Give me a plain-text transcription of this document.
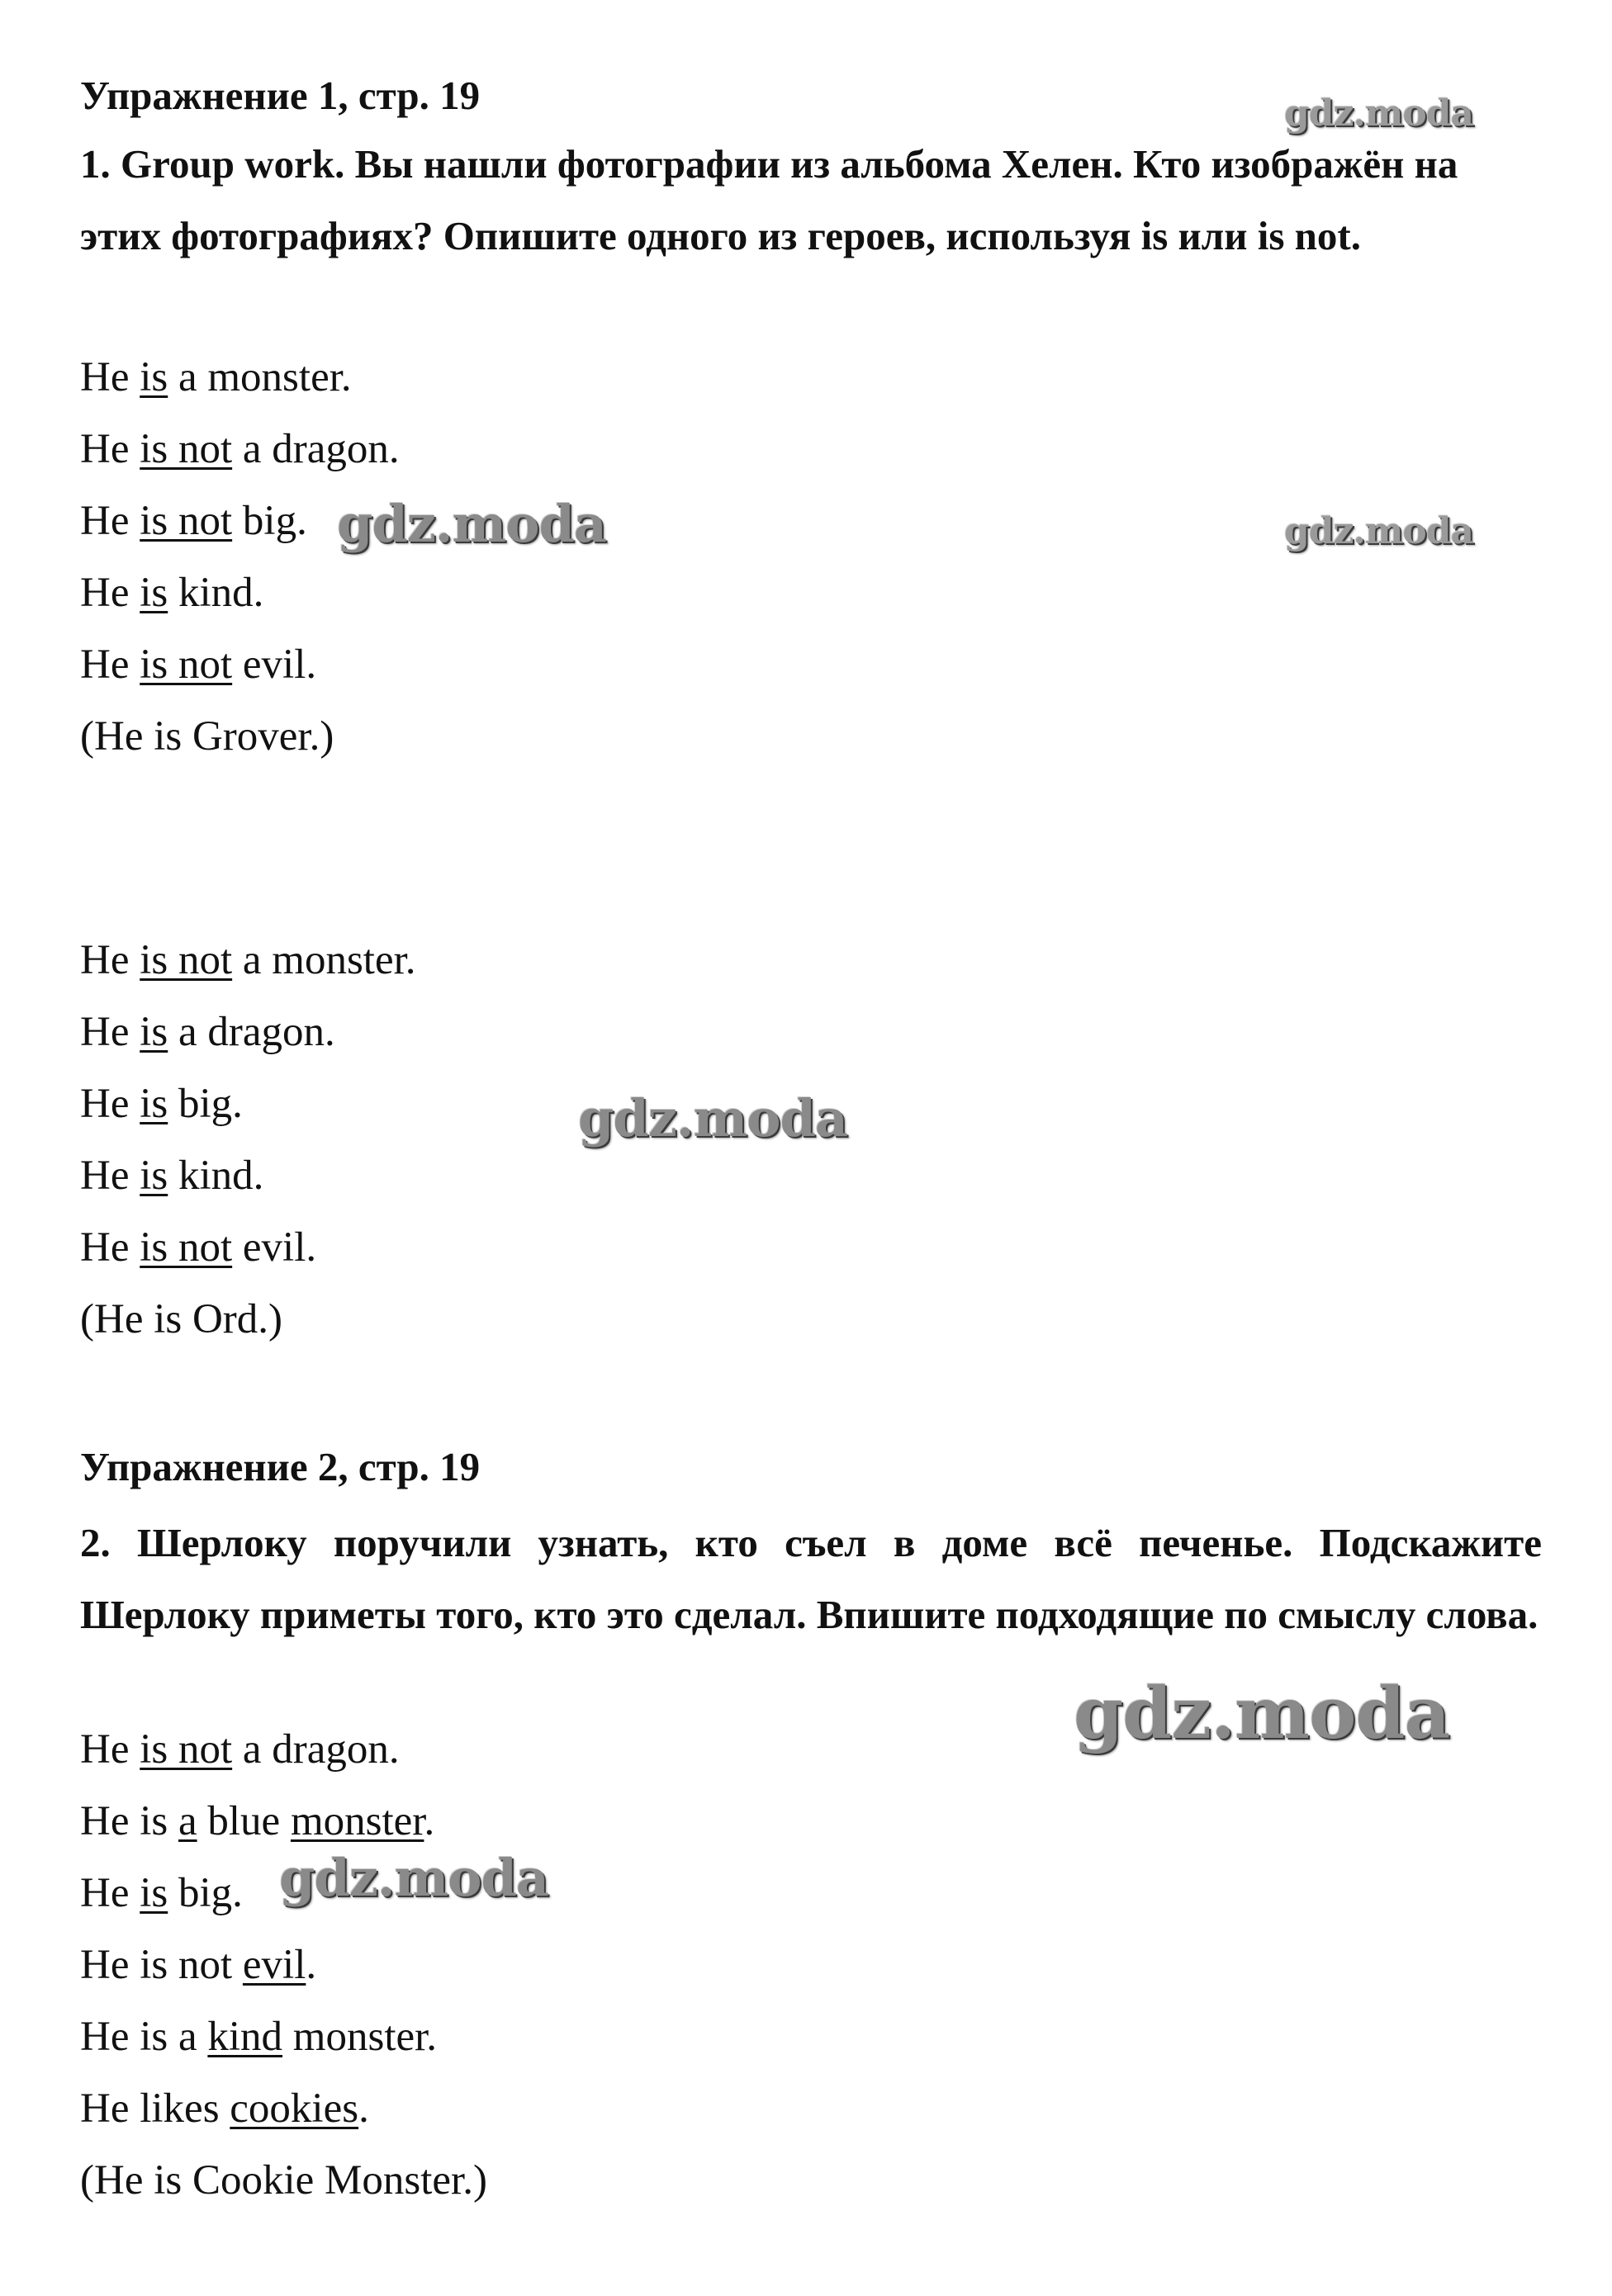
Упражнение 1, стр. 19
1. Group work. Вы нашли фотографии из альбома Хелен. Кто изображён на этих фотографиях? Опишите одного из героев, используя is или is not.
He is a monster.
He is not a dragon.
He is not big.
He is kind.
He is not evil.
(He is Grover.)
He is not a monster.
He is a dragon.
He is big.
He is kind.
He is not evil.
(He is Ord.)
Упражнение 2, стр. 19
2. Шерлоку поручили узнать, кто съел в доме всё печенье. Подскажите Шерлоку приметы того, кто это сделал. Впишите подходящие по смыслу слова.
He is not a dragon.
He is a blue monster.
He is big.
He is not evil.
He is a kind monster.
He likes cookies.
(He is Cookie Monster.)
gdz.moda
gdz.moda
gdz.moda
gdz.moda
gdz.moda
gdz.moda
